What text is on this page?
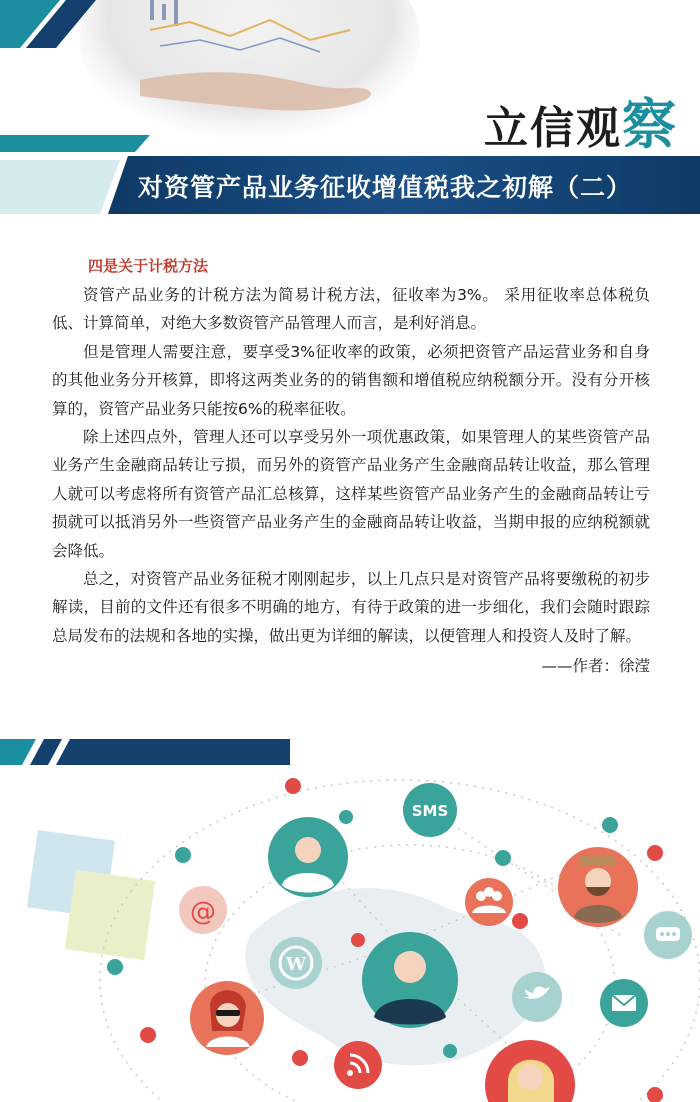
立信观察
对资管产品业务征收增值税我之初解（二）
四是关于计税方法

资管产品业务的计税方法为简易计税方法，征收率为3%。 采用征收率总体税负低、计算简单，对绝大多数资管产品管理人而言，是利好消息。

但是管理人需要注意，要享受3%征收率的政策，必须把资管产品运营业务和自身的其他业务分开核算，即将这两类业务的的销售额和增值税应纳税额分开。没有分开核算的，资管产品业务只能按6%的税率征收。

除上述四点外，管理人还可以享受另外一项优惠政策，如果管理人的某些资管产品业务产生金融商品转让亏损，而另外的资管产品业务产生金融商品转让收益，那么管理人就可以考虑将所有资管产品汇总核算，这样某些资管产品业务产生的金融商品转让亏损就可以抵消另外一些资管产品业务产生的金融商品转让收益，当期申报的应纳税额就会降低。

总之，对资管产品业务征税才刚刚起步，以上几点只是对资管产品将要缴税的初步解读，目前的文件还有很多不明确的地方，有待于政策的进一步细化，我们会随时跟踪总局发布的法规和各地的实操，做出更为详细的解读，以便管理人和投资人及时了解。

——作者：徐滢
@
W
SMS
